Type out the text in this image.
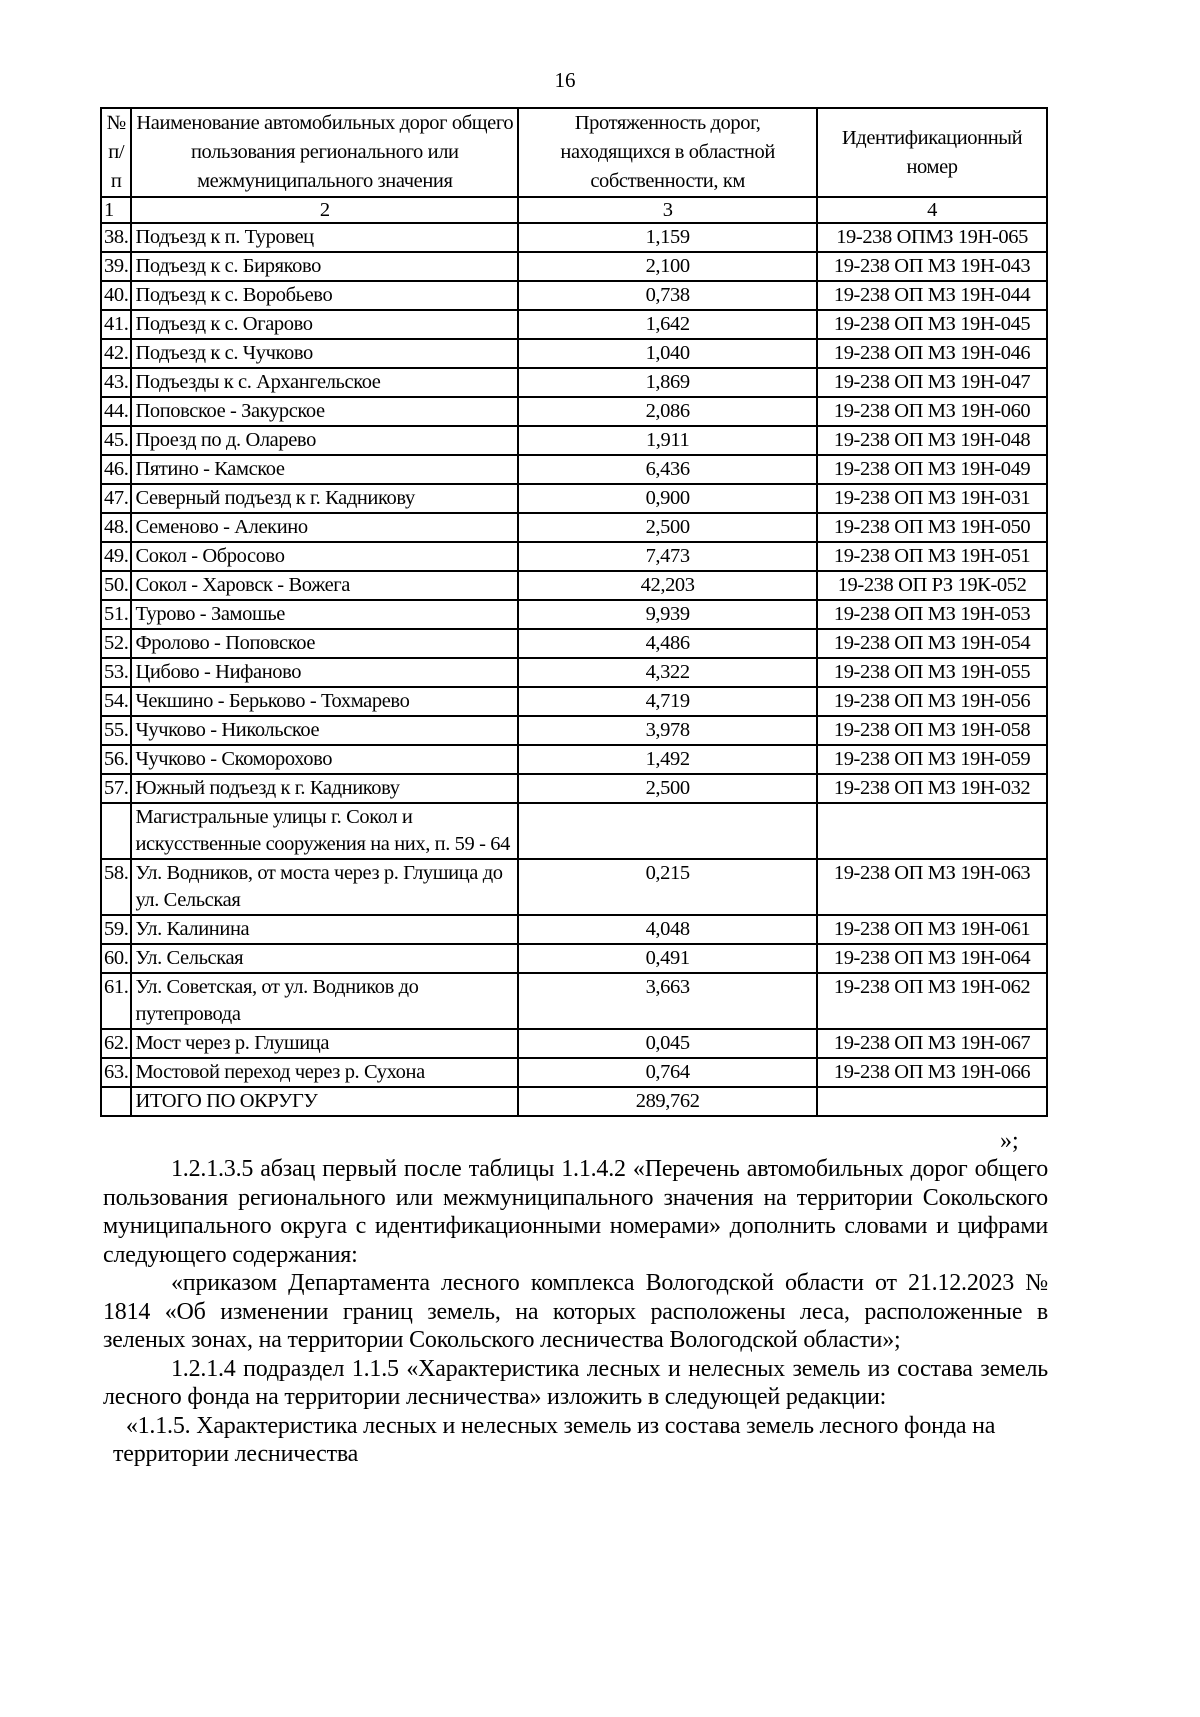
16
№ п/п	Наименование автомобильных дорог общего пользования регионального или межмуниципального значения	Протяженность дорог, находящихся в областной собственности, км	Идентификационный номер
1	2	3	4
38.	Подъезд к п. Туровец	1,159	19-238 ОПМЗ 19Н-065
39.	Подъезд к с. Биряково	2,100	19-238 ОП МЗ 19Н-043
40.	Подъезд к с. Воробьево	0,738	19-238 ОП МЗ 19Н-044
41.	Подъезд к с. Огарово	1,642	19-238 ОП МЗ 19Н-045
42.	Подъезд к с. Чучково	1,040	19-238 ОП МЗ 19Н-046
43.	Подъезды к с. Архангельское	1,869	19-238 ОП МЗ 19Н-047
44.	Поповское - Закурское	2,086	19-238 ОП МЗ 19Н-060
45.	Проезд по д. Оларево	1,911	19-238 ОП МЗ 19Н-048
46.	Пятино - Камское	6,436	19-238 ОП МЗ 19Н-049
47.	Северный подъезд к г. Кадникову	0,900	19-238 ОП МЗ 19Н-031
48.	Семеново - Алекино	2,500	19-238 ОП МЗ 19Н-050
49.	Сокол - Обросово	7,473	19-238 ОП МЗ 19Н-051
50.	Сокол - Харовск - Вожега	42,203	19-238 ОП РЗ 19К-052
51.	Турово - Замошье	9,939	19-238 ОП МЗ 19Н-053
52.	Фролово - Поповское	4,486	19-238 ОП МЗ 19Н-054
53.	Цибово - Нифаново	4,322	19-238 ОП МЗ 19Н-055
54.	Чекшино - Берьково - Тохмарево	4,719	19-238 ОП МЗ 19Н-056
55.	Чучково - Никольское	3,978	19-238 ОП МЗ 19Н-058
56.	Чучково - Скоморохово	1,492	19-238 ОП МЗ 19Н-059
57.	Южный подъезд к г. Кадникову	2,500	19-238 ОП МЗ 19Н-032
	Магистральные улицы г. Сокол и искусственные сооружения на них, п. 59 - 64		
58.	Ул. Водников, от моста через р. Глушица до ул. Сельская	0,215	19-238 ОП МЗ 19Н-063
59.	Ул. Калинина	4,048	19-238 ОП МЗ 19Н-061
60.	Ул. Сельская	0,491	19-238 ОП МЗ 19Н-064
61.	Ул. Советская, от ул. Водников до путепровода	3,663	19-238 ОП МЗ 19Н-062
62.	Мост через р. Глушица	0,045	19-238 ОП МЗ 19Н-067
63.	Мостовой переход через р. Сухона	0,764	19-238 ОП МЗ 19Н-066
	ИТОГО ПО ОКРУГУ	289,762	
»;

1.2.1.3.5 абзац первый после таблицы 1.1.4.2 «Перечень автомобильных дорог общего пользования регионального или межмуниципального значения на территории Сокольского муниципального округа с идентификационными номерами» дополнить словами и цифрами следующего содержания:

«приказом Департамента лесного комплекса Вологодской области от 21.12.2023 № 1814 «Об изменении границ земель, на которых расположены леса, расположенные в зеленых зонах, на территории Сокольского лесничества Вологодской области»;

1.2.1.4 подраздел 1.1.5 «Характеристика лесных и нелесных земель из состава земель лесного фонда на территории лесничества» изложить в следующей редакции:

«1.1.5. Характеристика лесных и нелесных земель из состава земель лесного фонда на территории лесничества
